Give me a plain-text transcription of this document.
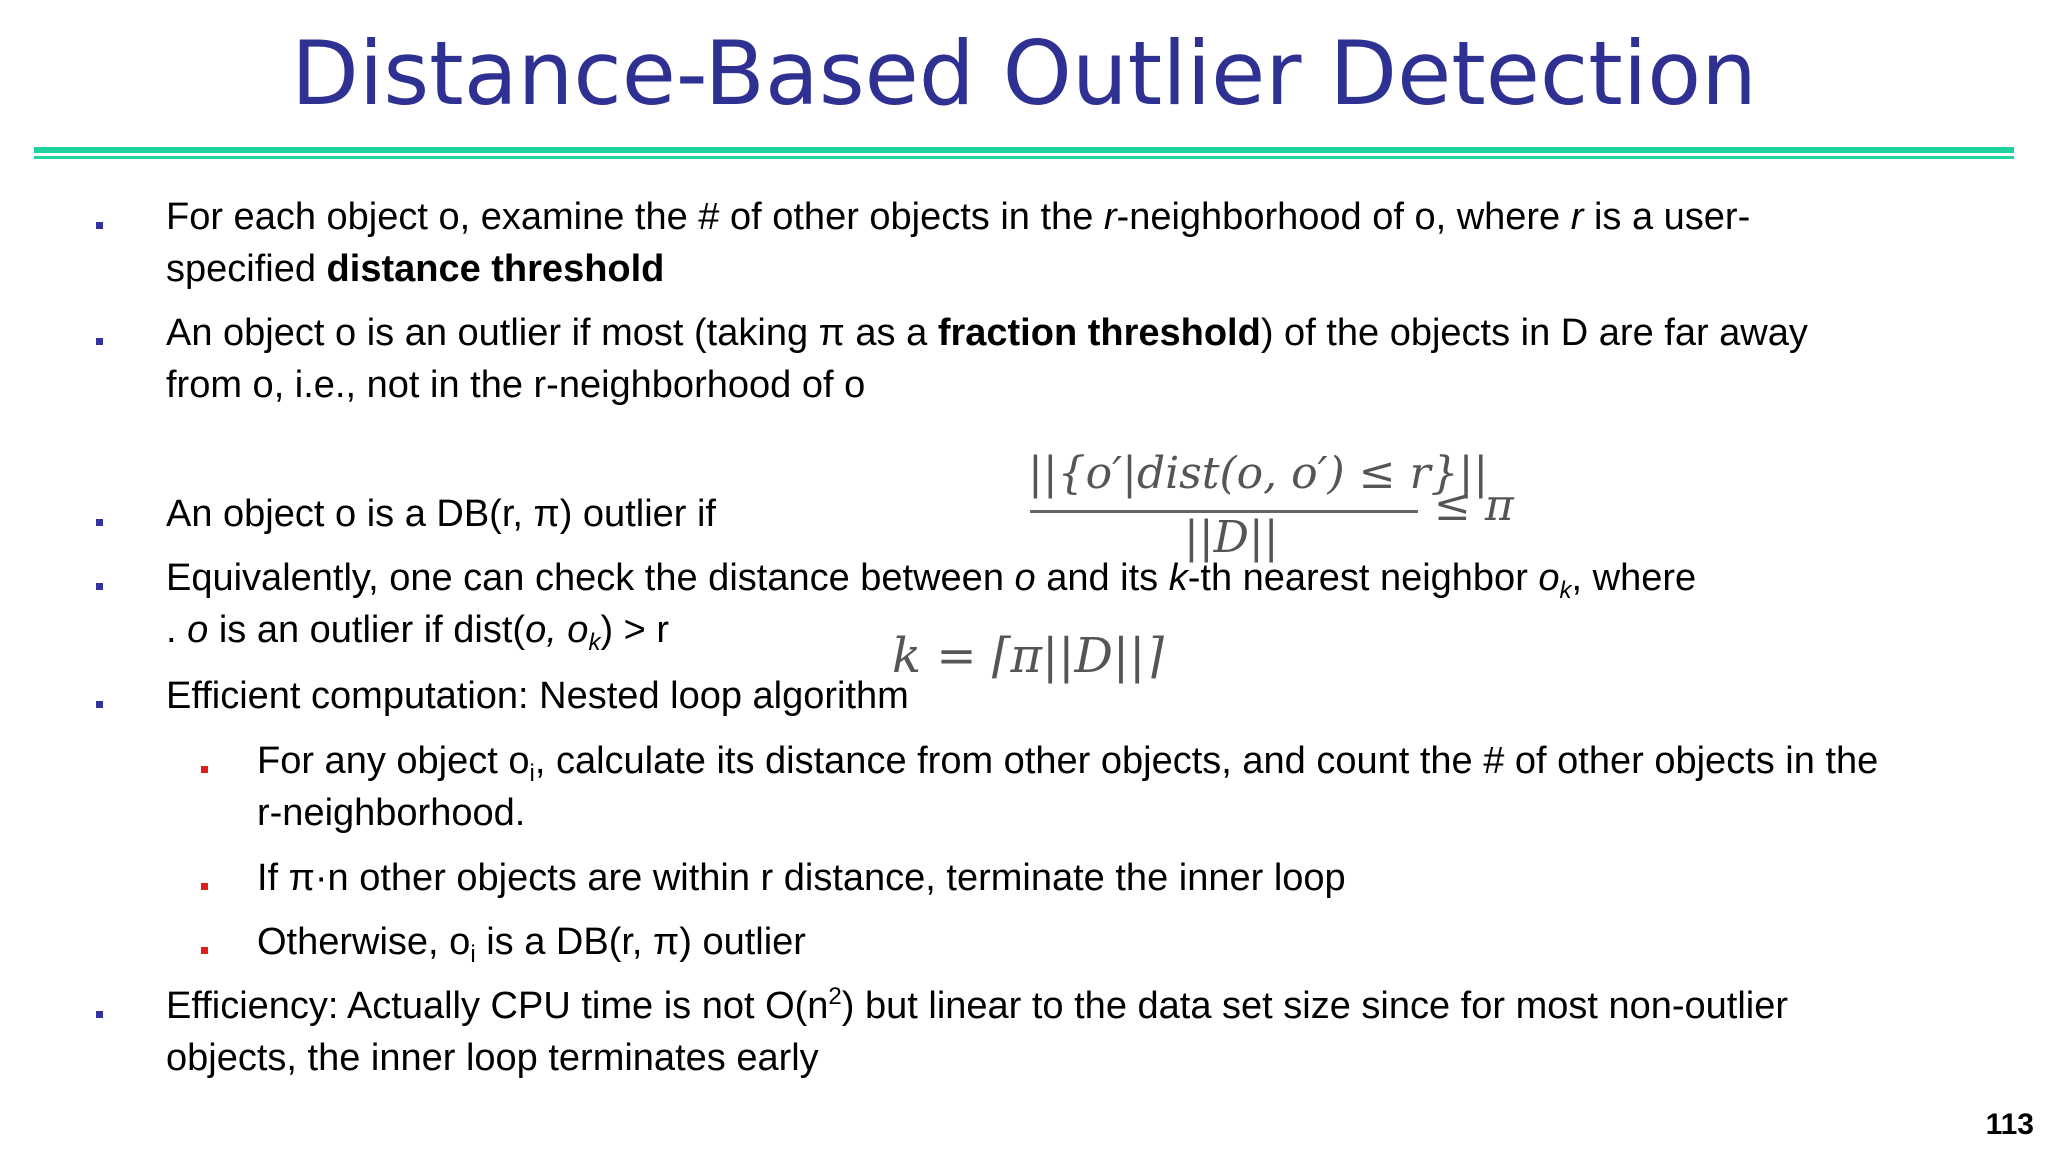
Distance-Based Outlier Detection
For each object o, examine the # of other objects in the r-neighborhood of o, where r is a user-
specified distance threshold
An object o is an outlier if most (taking π as a fraction threshold) of the objects in D are far away
from o, i.e., not in the r-neighborhood of o
||{o′|dist(o, o′) ≤ r}||
||D||
≤ π
An object o is a DB(r, π) outlier if
Equivalently, one can check the distance between o and its k-th nearest neighbor $o_k$, where
. o is an outlier if dist(o, $o_k) > r$	k = ⌈π||D||⌉
Efficient computation: Nested loop algorithm
For any object $o_i$, calculate its distance from other objects, and count the # of other objects in the
r-neighborhood.
If π·n other objects are within r distance, terminate the inner loop
Otherwise, $o_i$ is a DB(r, π) outlier
Efficiency: Actually CPU time is not $O(n^2)$ but linear to the data set size since for most non-outlier
objects, the inner loop terminates early
113
